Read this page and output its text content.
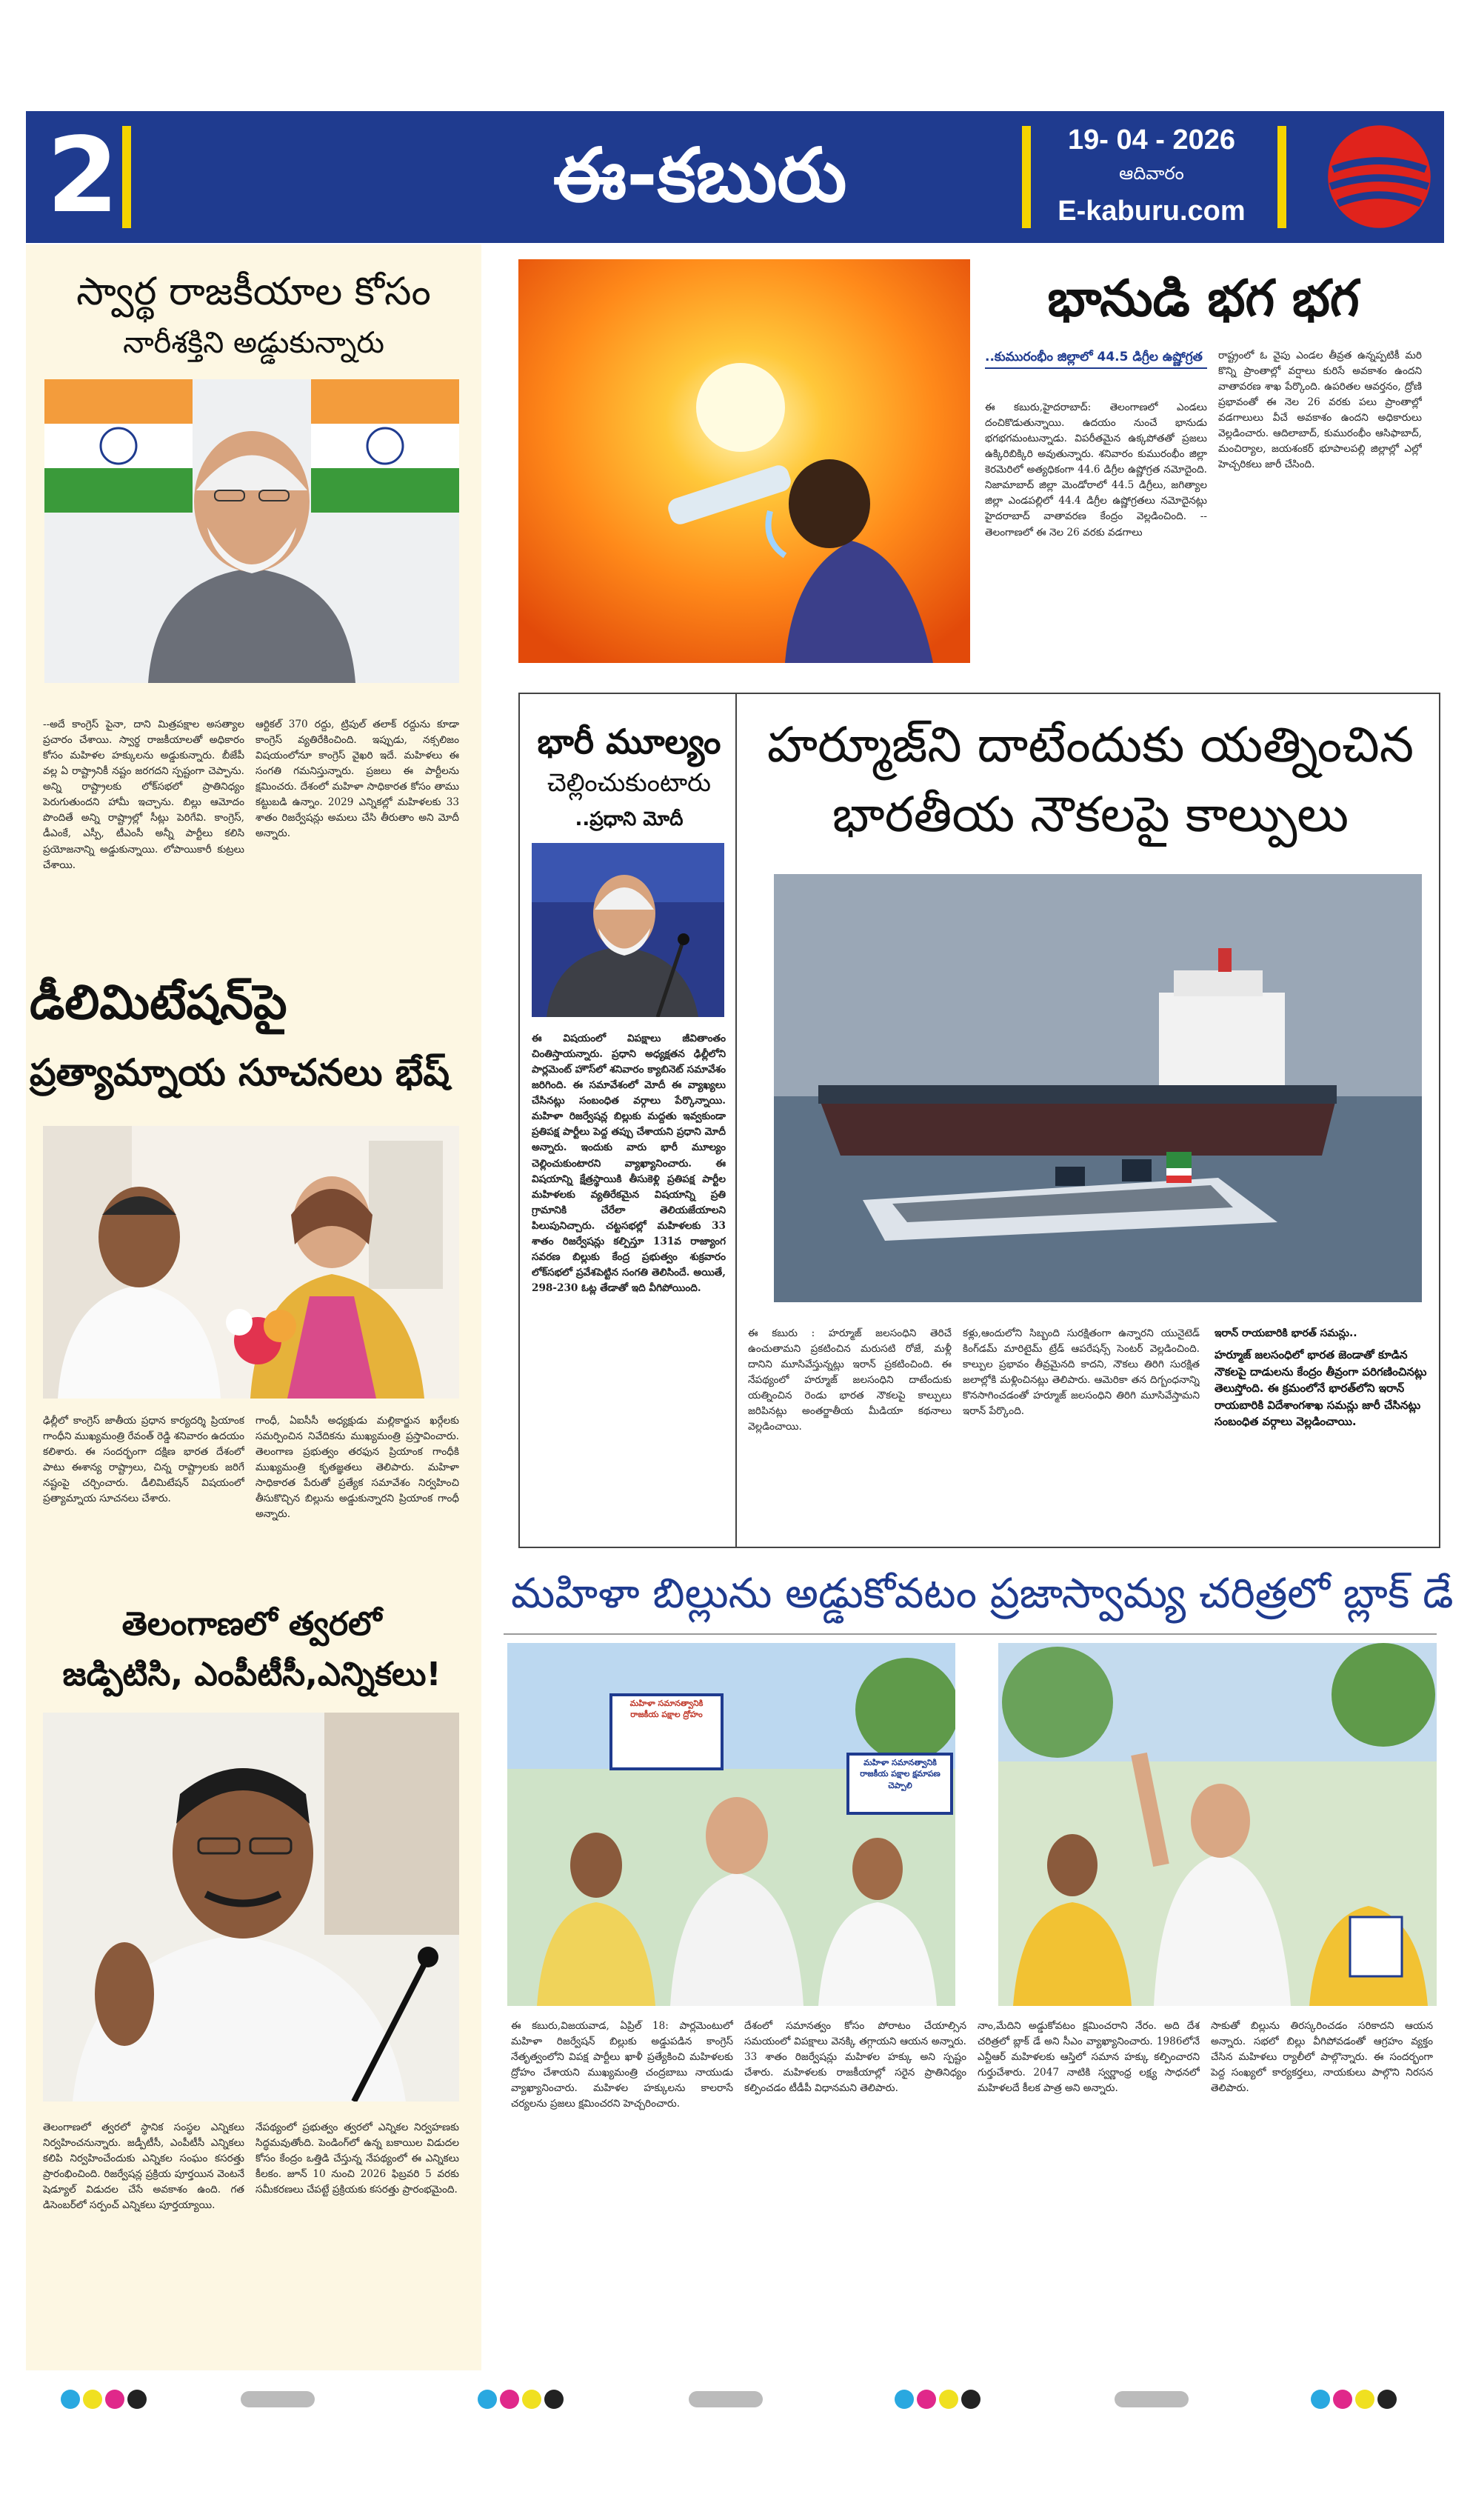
2	ఈ-కబురు	19- 04 - 2026
ఆదివారం
E-kaburu.com
స్వార్థ రాజకీయాల కోసం
నారీశక్తిని అడ్డుకున్నారు
--అదే కాంగ్రెస్ పైనా, దాని మిత్రపక్షాల అసత్యాల ప్రచారం చేశాయి. స్వార్థ రాజకీయాలతో అధికారం కోసం మహిళల హక్కులను అడ్డుకున్నారు. బీజేపీ వల్ల ఏ రాష్ట్రానికీ నష్టం జరగదని స్పష్టంగా చెప్పాను. అన్ని రాష్ట్రాలకు లోక్‌సభలో ప్రాతినిధ్యం పెరుగుతుందని హామీ ఇచ్చాను. బిల్లు ఆమోదం పొందితే అన్ని రాష్ట్రాల్లో సీట్లు పెరిగేవి. కాంగ్రెస్, డీఎంకే, ఎస్పీ, టీఎంసీ అన్నీ పార్టీలు కలిసి ప్రయోజనాన్ని అడ్డుకున్నాయి. లోపాయికారీ కుట్రలు చేశాయి.
ఆర్టికల్ 370 రద్దు, ట్రిపుల్ తలాక్ రద్దును కూడా కాంగ్రెస్ వ్యతిరేకించింది. ఇప్పుడు, నక్సలిజం విషయంలోనూ కాంగ్రెస్ వైఖరి ఇదే. మహిళలు ఈ సంగతి గమనిస్తున్నారు. ప్రజలు ఈ పార్టీలను క్షమించరు. దేశంలో మహిళా సాధికారత కోసం తాము కట్టుబడి ఉన్నాం. 2029 ఎన్నికల్లో మహిళలకు 33 శాతం రిజర్వేషన్లు అమలు చేసి తీరుతాం అని మోదీ అన్నారు.
డీలిమిటేషన్‌పై
ప్రత్యామ్నాయ సూచనలు భేష్
ఢిల్లీలో కాంగ్రెస్ జాతీయ ప్రధాన కార్యదర్శి ప్రియాంక గాంధీని ముఖ్యమంత్రి రేవంత్ రెడ్డి శనివారం ఉదయం కలిశారు. ఈ సందర్భంగా దక్షిణ భారత దేశంలో పాటు ఈశాన్య రాష్ట్రాలు, చిన్న రాష్ట్రాలకు జరిగే నష్టంపై చర్చించారు. డీలిమిటేషన్ విషయంలో ప్రత్యామ్నాయ సూచనలు చేశారు.
గాంధీ, ఏఐసీసీ అధ్యక్షుడు మల్లికార్జున ఖర్గేలకు సమర్పించిన నివేదికను ముఖ్యమంత్రి ప్రస్తావించారు. తెలంగాణ ప్రభుత్వం తరఫున ప్రియాంక గాంధీకి ముఖ్యమంత్రి కృతజ్ఞతలు తెలిపారు. మహిళా సాధికారత పేరుతో ప్రత్యేక సమావేశం నిర్వహించి తీసుకొచ్చిన బిల్లును అడ్డుకున్నారని ప్రియాంక గాంధీ అన్నారు.
తెలంగాణలో త్వరలో
జడ్పిటిసి, ఎంపీటీసీ,ఎన్నికలు!
తెలంగాణలో త్వరలో స్థానిక సంస్థల ఎన్నికలు నిర్వహించనున్నారు. జడ్పీటీసీ, ఎంపీటీసీ ఎన్నికలు కలిపి నిర్వహించేందుకు ఎన్నికల సంఘం కసరత్తు ప్రారంభించింది. రిజర్వేషన్ల ప్రక్రియ పూర్తయిన వెంటనే షెడ్యూల్ విడుదల చేసే అవకాశం ఉంది. గత డిసెంబర్‌లో సర్పంచ్ ఎన్నికలు పూర్తయ్యాయి.
నేపథ్యంలో ప్రభుత్వం త్వరలో ఎన్నికల నిర్వహణకు సిద్ధమవుతోంది. పెండింగ్‌లో ఉన్న బకాయిల విడుదల కోసం కేంద్రం ఒత్తిడి చేస్తున్న నేపథ్యంలో ఈ ఎన్నికలు కీలకం. జూన్ 10 నుంచి 2026 ఫిబ్రవరి 5 వరకు సమీకరణలు చేపట్టే ప్రక్రియకు కసరత్తు ప్రారంభమైంది.
భానుడి భగ భగ
..కుమురంభీం జిల్లాలో 44.5 డిగ్రీల ఉష్ణోగ్రత
ఈ కబురు,హైదరాబాద్: తెలంగాణలో ఎండలు దంచికొడుతున్నాయి. ఉదయం నుంచే భానుడు భగభగమంటున్నాడు. విపరీతమైన ఉక్కపోతతో ప్రజలు ఉక్కిరిబిక్కిరి అవుతున్నారు. శనివారం కుమురంభీం జిల్లా కెరమెరిలో అత్యధికంగా 44.6 డిగ్రీల ఉష్ణోగ్రత నమోదైంది. నిజామాబాద్ జిల్లా మెండోరాలో 44.5 డిగ్రీలు, జగిత్యాల జిల్లా ఎండపల్లిలో 44.4 డిగ్రీల ఉష్ణోగ్రతలు నమోదైనట్లు హైదరాబాద్ వాతావరణ కేంద్రం వెల్లడించింది. --తెలంగాణలో ఈ నెల 26 వరకు వడగాలు
రాష్ట్రంలో ఓ వైపు ఎండల తీవ్రత ఉన్నప్పటికీ మరి కొన్ని ప్రాంతాల్లో వర్షాలు కురిసే అవకాశం ఉందని వాతావరణ శాఖ పేర్కొంది. ఉపరితల ఆవర్తనం, ద్రోణి ప్రభావంతో ఈ నెల 26 వరకు పలు ప్రాంతాల్లో వడగాలులు వీచే అవకాశం ఉందని అధికారులు వెల్లడించారు. ఆదిలాబాద్, కుమురంభీం ఆసిఫాబాద్, మంచిర్యాల, జయశంకర్ భూపాలపల్లి జిల్లాల్లో ఎల్లో హెచ్చరికలు జారీ చేసింది.
భారీ మూల్యం
చెల్లించుకుంటారు
..ప్రధాని మోదీ
ఈ విషయంలో విపక్షాలు జీవితాంతం చింతిస్తాయన్నారు. ప్రధాని అధ్యక్షతన ఢిల్లీలోని పార్లమెంట్ హౌస్‌లో శనివారం క్యాబినెట్ సమావేశం జరిగింది. ఈ సమావేశంలో మోదీ ఈ వ్యాఖ్యలు చేసినట్లు సంబంధిత వర్గాలు పేర్కొన్నాయి. మహిళా రిజర్వేషన్ల బిల్లుకు మద్దతు ఇవ్వకుండా ప్రతిపక్ష పార్టీలు పెద్ద తప్పు చేశాయని ప్రధాని మోదీ అన్నారు. ఇందుకు వారు భారీ మూల్యం చెల్లించుకుంటారని వ్యాఖ్యానించారు. ఈ విషయాన్ని క్షేత్రస్థాయికి తీసుకెళ్లి ప్రతిపక్ష పార్టీల మహిళలకు వ్యతిరేకమైన విషయాన్ని ప్రతి గ్రామానికి చేరేలా తెలియజేయాలని పిలుపునిచ్చారు. చట్టసభల్లో మహిళలకు 33 శాతం రిజర్వేషన్లు కల్పిస్తూ 131వ రాజ్యాంగ సవరణ బిల్లుకు కేంద్ర ప్రభుత్వం శుక్రవారం లోక్‌సభలో ప్రవేశపెట్టిన సంగతి తెలిసిందే. అయితే, 298-230 ఓట్ల తేడాతో ఇది వీగిపోయింది.
హర్మూజ్‌ని దాటేందుకు యత్నించిన
భారతీయ నౌకలపై కాల్పులు
ఈ కబురు : హర్మూజ్ జలసంధిని తెరిచే ఉంచుతామని ప్రకటించిన మరుసటి రోజే, మళ్లీ దానిని మూసివేస్తున్నట్లు ఇరాన్ ప్రకటించింది. ఈ నేపథ్యంలో హర్మూజ్ జలసంధిని దాటేందుకు యత్నించిన రెండు భారత నౌకలపై కాల్పులు జరిపినట్లు అంతర్జాతీయ మీడియా కథనాలు వెల్లడించాయి.
కళ్లు,ఆందులోని సిబ్బంది సురక్షితంగా ఉన్నారని యునైటెడ్ కింగ్‌డమ్ మారిటైమ్ ట్రేడ్ ఆపరేషన్స్ సెంటర్ వెల్లడించింది. కాల్పుల ప్రభావం తీవ్రమైనది కాదని, నౌకలు తిరిగి సురక్షిత జలాల్లోకి మళ్లించినట్లు తెలిపారు. ఆమెరికా తన దిగ్బంధనాన్ని కొనసాగించడంతో హర్మూజ్ జలసంధిని తిరిగి మూసివేస్తామని ఇరాన్ పేర్కొంది.
ఇరాన్ రాయబారికి భారత్ సమన్లు..
హర్మూజ్ జలసంధిలో భారత జెండాతో కూడిన నౌకలపై దాడులను కేంద్రం తీవ్రంగా పరిగణించినట్లు తెలుస్తోంది. ఈ క్రమంలోనే భారత్‌లోని ఇరాన్ రాయబారికి విదేశాంగశాఖ సమన్లు జారీ చేసినట్లు సంబంధిత వర్గాలు వెల్లడించాయి.
మహిళా బిల్లును అడ్డుకోవటం ప్రజాస్వామ్య చరిత్రలో బ్లాక్ డే
మహిళా సమానత్వానికి రాజకీయ పక్షాల ద్రోహం
మహిళా సమానత్వానికి రాజకీయ పక్షాల క్షమాపణ చెప్పాలి
ఈ కబురు,విజయవాడ, ఏప్రిల్ 18: పార్లమెంటులో మహిళా రిజర్వేషన్ బిల్లుకు అడ్డుపడిన కాంగ్రెస్ నేతృత్వంలోని విపక్ష పార్టీలు ఖాళీ ప్రత్యేకించి మహిళలకు ద్రోహం చేశాయని ముఖ్యమంత్రి చంద్రబాబు నాయుడు వ్యాఖ్యానించారు. మహిళల హక్కులను కాలరాసే చర్యలను ప్రజలు క్షమించరని హెచ్చరించారు.
దేశంలో సమానత్వం కోసం పోరాటం చేయాల్సిన సమయంలో విపక్షాలు వెనక్కి తగ్గాయని ఆయన అన్నారు. 33 శాతం రిజర్వేషన్లు మహిళల హక్కు అని స్పష్టం చేశారు. మహిళలకు రాజకీయాల్లో సరైన ప్రాతినిధ్యం కల్పించడం టీడీపీ విధానమని తెలిపారు.
నాం,మేదిని అడ్డుకోవటం క్షమించరాని నేరం. అది దేశ చరిత్రలో బ్లాక్ డే అని సీఎం వ్యాఖ్యానించారు. 1986లోనే ఎన్టీఆర్ మహిళలకు ఆస్తిలో సమాన హక్కు కల్పించారని గుర్తుచేశారు. 2047 నాటికి స్వర్ణాంధ్ర లక్ష్య సాధనలో మహిళలదే కీలక పాత్ర అని అన్నారు.
సాకుతో బిల్లును తిరస్కరించడం సరికాదని ఆయన అన్నారు. సభలో బిల్లు వీగిపోవడంతో ఆగ్రహం వ్యక్తం చేసిన మహిళలు ర్యాలీలో పాల్గొన్నారు. ఈ సందర్భంగా పెద్ద సంఖ్యలో కార్యకర్తలు, నాయకులు పాల్గొని నిరసన తెలిపారు.
